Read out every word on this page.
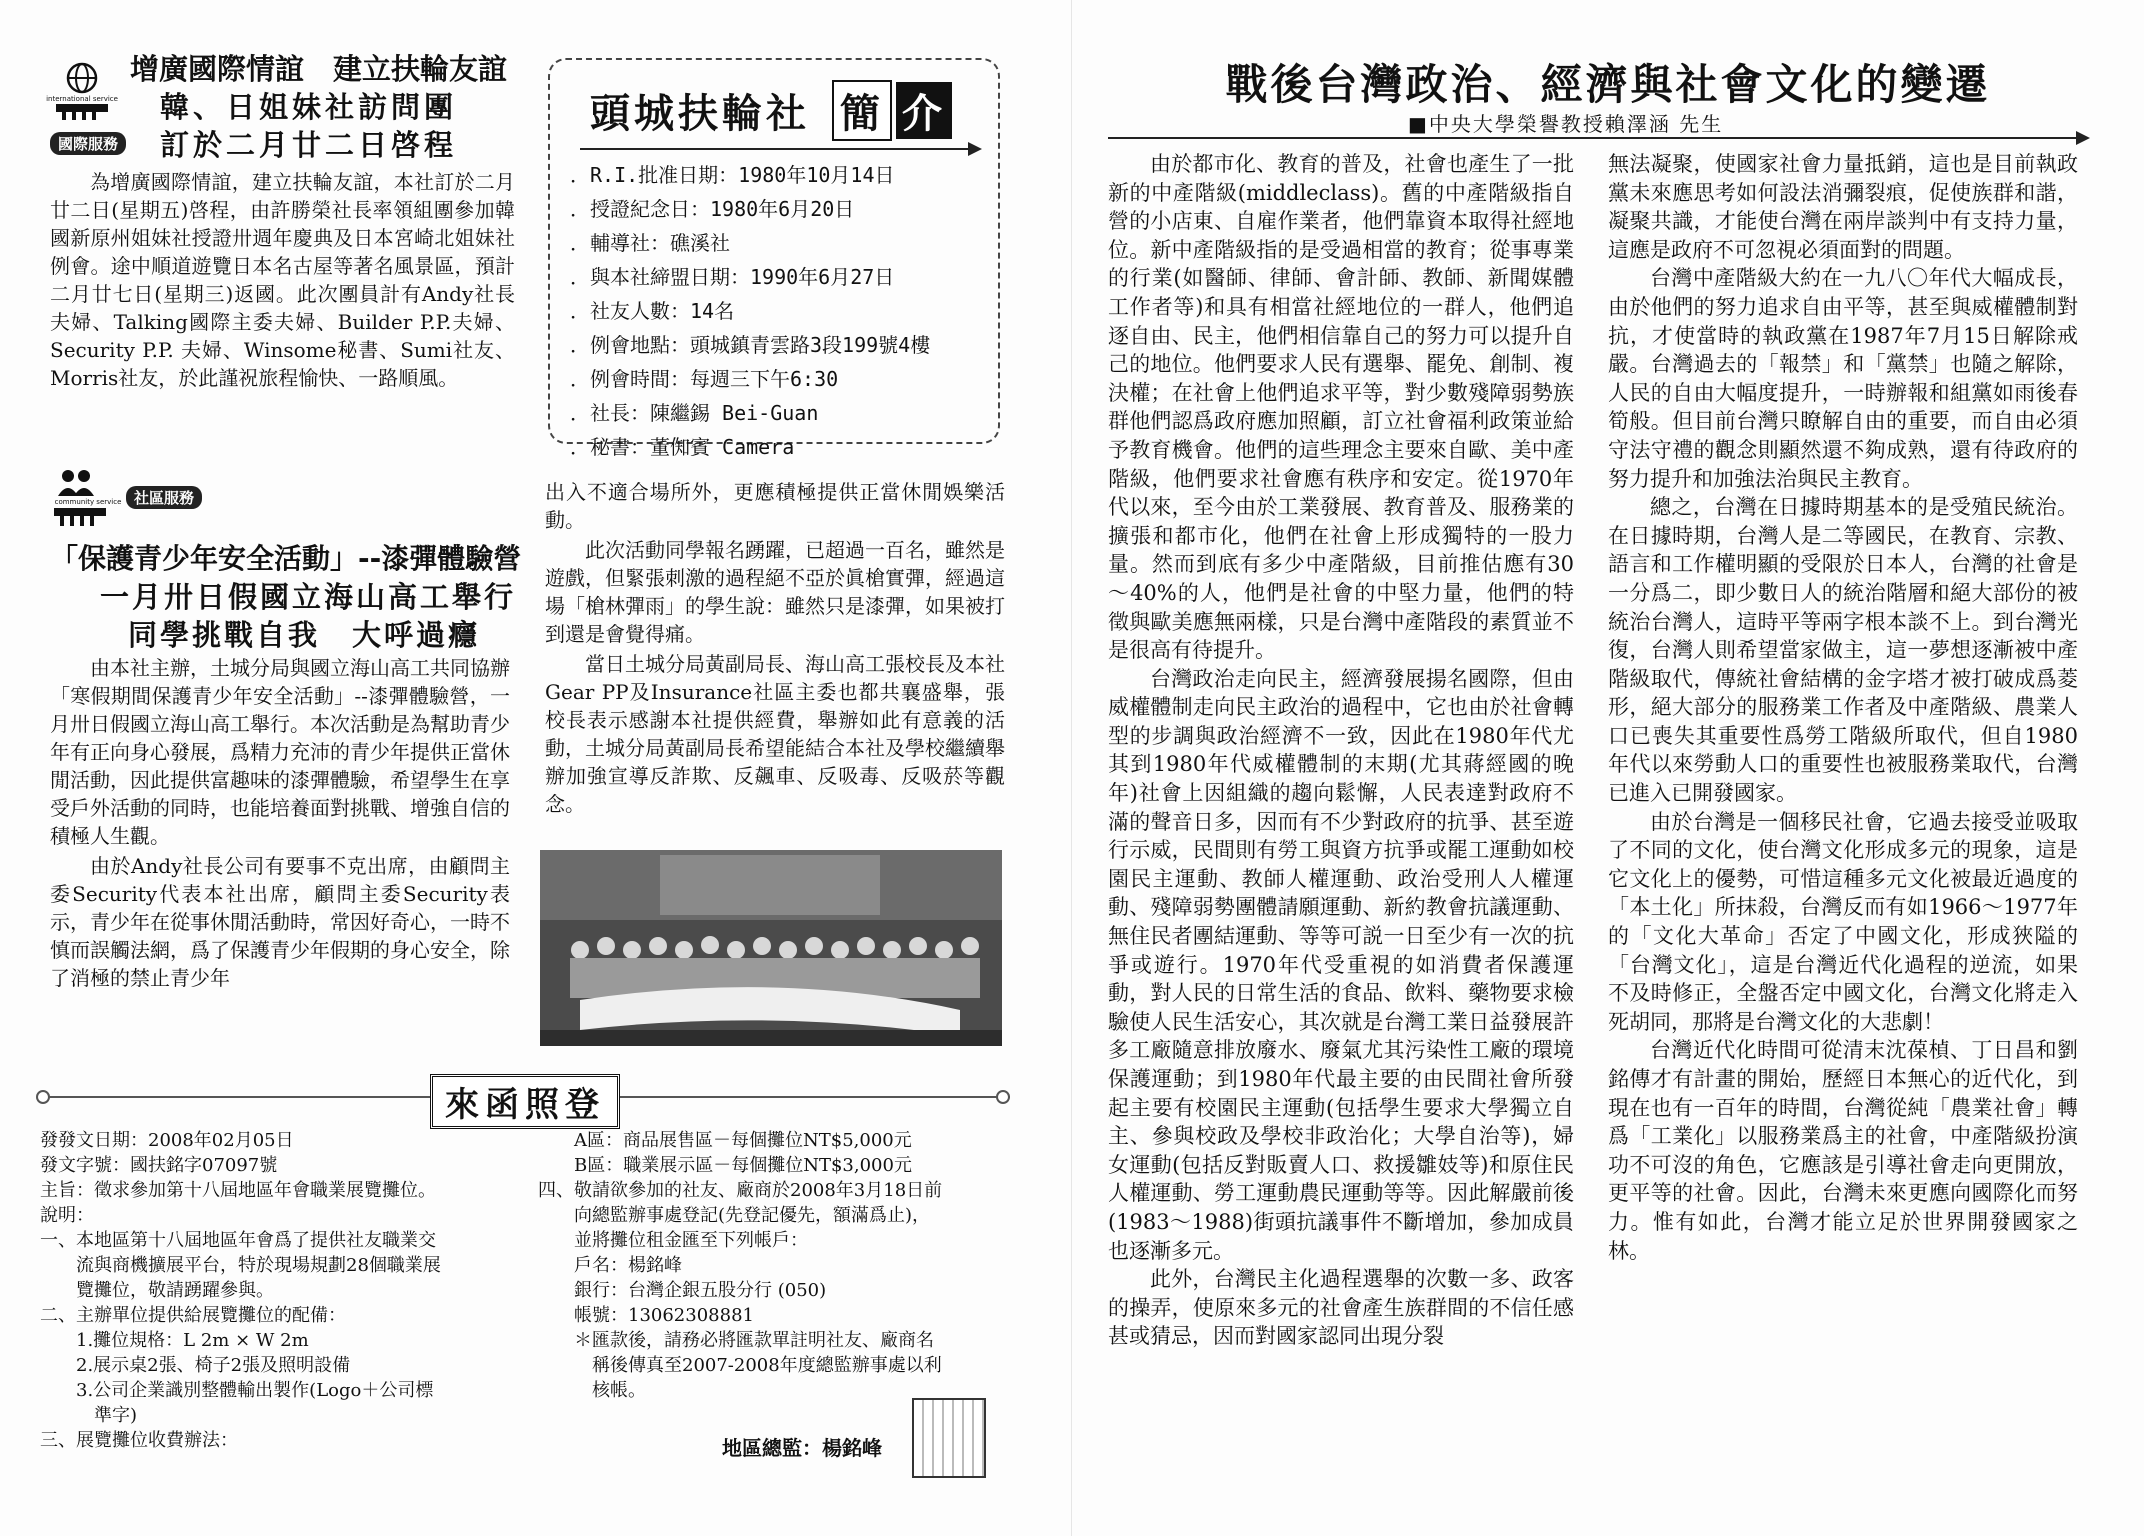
international service
國際服務
增廣國際情誼　建立扶輪友誼
韓、日姐妹社訪問團
訂於二月廿二日啓程

為增廣國際情誼，建立扶輪友誼，本社訂於二月廿二日(星期五)啓程，由許勝榮社長率領組團參加韓國新原州姐妹社授證卅週年慶典及日本宮崎北姐妹社例會。途中順道遊覽日本名古屋等著名風景區，預計二月廿七日(星期三)返國。此次團員計有Andy社長夫婦、Talking國際主委夫婦、Builder P.P.夫婦、Security P.P. 夫婦、Winsome秘書、Sumi社友、Morris社友，於此謹祝旅程愉快、一路順風。

頭城扶輪社 簡 介
． R.I.批准日期：1980年10月14日
． 授證紀念日：1980年6月20日
． 輔導社：礁溪社
． 與本社締盟日期：1990年6月27日
． 社友人數：14名
． 例會地點：頭城鎮青雲路3段199號4樓
． 例會時間：每週三下午6:30
． 社長：陳繼錫 Bei-Guan
． 秘書：董倁賓 Camera
community service 社區服務
「保護青少年安全活動」--漆彈體驗營
一月卅日假國立海山高工舉行
同學挑戰自我　大呼過癮

由本社主辦，土城分局與國立海山高工共同協辦「寒假期間保護青少年安全活動」--漆彈體驗營，一月卅日假國立海山高工舉行。本次活動是為幫助青少年有正向身心發展，爲精力充沛的青少年提供正當休閒活動，因此提供富趣味的漆彈體驗，希望學生在享受戶外活動的同時，也能培養面對挑戰、增強自信的積極人生觀。

由於Andy社長公司有要事不克出席，由顧問主委Security代表本社出席，顧問主委Security表示，青少年在從事休閒活動時，常因好奇心，一時不慎而誤觸法網，爲了保護青少年假期的身心安全，除了消極的禁止青少年

出入不適合場所外，更應積極提供正當休閒娛樂活動。

此次活動同學報名踴躍，已超過一百名，雖然是遊戲，但緊張刺激的過程絕不亞於眞槍實彈，經過這場「槍林彈雨」的學生說：雖然只是漆彈，如果被打到還是會覺得痛。

當日土城分局黃副局長、海山高工張校長及本社Gear PP及Insurance社區主委也都共襄盛舉，張校長表示感謝本社提供經費，舉辦如此有意義的活動，土城分局黃副局長希望能結合本社及學校繼續舉辦加強宣導反詐欺、反飆車、反吸毒、反吸菸等觀念。

來函照登
發發文日期：2008年02月05日
發文字號：國扶銘字07097號
主旨：徵求參加第十八屆地區年會職業展覽攤位。
說明：
一、本地區第十八屆地區年會爲了提供社友職業交
　　流與商機擴展平台，特於現場規劃28個職業展
　　覽攤位，敬請踴躍參與。
二、主辦單位提供給展覽攤位的配備：
　　1.攤位規格：L 2m × W 2m
　　2.展示桌2張、椅子2張及照明設備
　　3.公司企業識別整體輸出製作(Logo＋公司標
　　　準字)
三、展覽攤位收費辦法：
　　A區：商品展售區－每個攤位NT$5,000元
　　B區：職業展示區－每個攤位NT$3,000元
四、敬請欲參加的社友、廠商於2008年3月18日前
　　向總監辦事處登記(先登記優先，額滿爲止)，
　　並將攤位租金匯至下列帳戶：
　　戶名：楊銘峰
　　銀行：台灣企銀五股分行 (050)
　　帳號：13062308881
　　＊匯款後，請務必將匯款單註明社友、廠商名
　　　稱後傳真至2007-2008年度總監辦事處以利
　　　核帳。
地區總監：楊銘峰
戰後台灣政治、經濟與社會文化的變遷
■中央大學榮譽教授賴澤涵 先生

由於都市化、教育的普及，社會也產生了一批新的中產階級(middleclass)。舊的中產階級指自營的小店東、自雇作業者，他們靠資本取得社經地位。新中產階級指的是受過相當的教育；從事專業的行業(如醫師、律師、會計師、教師、新聞媒體工作者等)和具有相當社經地位的一群人，他們追逐自由、民主，他們相信靠自己的努力可以提升自己的地位。他們要求人民有選舉、罷免、創制、複決權；在社會上他們追求平等，對少數殘障弱勢族群他們認爲政府應加照顧，訂立社會福利政策並給予教育機會。他們的這些理念主要來自歐、美中產階級，他們要求社會應有秩序和安定。從1970年代以來，至今由於工業發展、教育普及、服務業的擴張和都市化，他們在社會上形成獨特的一股力量。然而到底有多少中產階級，目前推估應有30～40%的人，他們是社會的中堅力量，他們的特徵與歐美應無兩樣，只是台灣中產階段的素質並不是很高有待提升。

台灣政治走向民主，經濟發展揚名國際，但由威權體制走向民主政治的過程中，它也由於社會轉型的步調與政治經濟不一致，因此在1980年代尤其到1980年代威權體制的末期(尤其蔣經國的晚年)社會上因組織的趨向鬆懈，人民表達對政府不滿的聲音日多，因而有不少對政府的抗爭、甚至遊行示威，民間則有勞工與資方抗爭或罷工運動如校園民主運動、教師人權運動、政治受刑人人權運動、殘障弱勢團體請願運動、新約教會抗議運動、無住民者團結運動、等等可説一日至少有一次的抗爭或遊行。1970年代受重視的如消費者保護運動，對人民的日常生活的食品、飲料、藥物要求檢驗使人民生活安心，其次就是台灣工業日益發展許多工廠隨意排放廢水、廢氣尤其污染性工廠的環境保護運動；到1980年代最主要的由民間社會所發起主要有校園民主運動(包括學生要求大學獨立自主、參與校政及學校非政治化；大學自治等)，婦女運動(包括反對販賣人口、救援雛妓等)和原住民人權運動、勞工運動農民運動等等。因此解嚴前後(1983～1988)街頭抗議事件不斷增加，參加成員也逐漸多元。

此外，台灣民主化過程選舉的次數一多、政客的操弄，使原來多元的社會產生族群間的不信任感甚或猜忌，因而對國家認同出現分裂

無法凝聚，使國家社會力量抵銷，這也是目前執政黨未來應思考如何設法消彌裂痕，促使族群和諧，凝聚共識，才能使台灣在兩岸談判中有支持力量，這應是政府不可忽視必須面對的問題。

台灣中產階級大約在一九八〇年代大幅成長，由於他們的努力追求自由平等，甚至與威權體制對抗，才使當時的執政黨在1987年7月15日解除戒嚴。台灣過去的「報禁」和「黨禁」也隨之解除，人民的自由大幅度提升，一時辦報和組黨如雨後春筍般。但目前台灣只瞭解自由的重要，而自由必須守法守禮的觀念則顯然還不夠成熟，還有待政府的努力提升和加強法治與民主教育。

總之，台灣在日據時期基本的是受殖民統治。在日據時期，台灣人是二等國民，在教育、宗教、語言和工作權明顯的受限於日本人，台灣的社會是一分爲二，即少數日人的統治階層和絕大部份的被統治台灣人，這時平等兩字根本談不上。到台灣光復，台灣人則希望當家做主，這一夢想逐漸被中產階級取代，傳統社會結構的金字塔才被打破成爲菱形，絕大部分的服務業工作者及中產階級、農業人口已喪失其重要性爲勞工階級所取代，但自1980年代以來勞動人口的重要性也被服務業取代，台灣已進入已開發國家。

由於台灣是一個移民社會，它過去接受並吸取了不同的文化，使台灣文化形成多元的現象，這是它文化上的優勢，可惜這種多元文化被最近過度的「本土化」所抹殺，台灣反而有如1966～1977年的「文化大革命」否定了中國文化，形成狹隘的「台灣文化」，這是台灣近代化過程的逆流，如果不及時修正，全盤否定中國文化，台灣文化將走入死胡同，那將是台灣文化的大悲劇！

台灣近代化時間可從清末沈葆楨、丁日昌和劉銘傳才有計畫的開始，歷經日本無心的近代化，到現在也有一百年的時間，台灣從純「農業社會」轉爲「工業化」以服務業爲主的社會，中產階級扮演功不可沒的角色，它應該是引導社會走向更開放，更平等的社會。因此，台灣未來更應向國際化而努力。惟有如此，台灣才能立足於世界開發國家之林。
